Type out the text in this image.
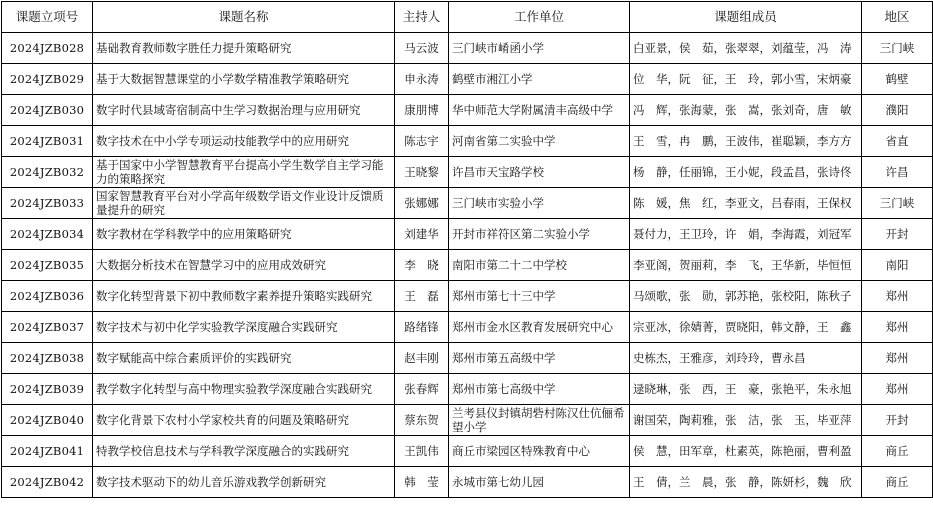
课题立项号	课题名称	主持人	工作单位	课题组成员	地区
2024JZB028	基础教育教师数字胜任力提升策略研究	马云波	三门峡市崤函小学	白亚景，侯　茹，张翠翠，刘蕴莹，冯　涛	三门峡
2024JZB029	基于大数据智慧课堂的小学数学精准教学策略研究	申永涛	鹤壁市湘江小学	位　华，阮　征，王　玲，郭小雪，宋炳豪	鹤壁
2024JZB030	数字时代县域寄宿制高中生学习数据治理与应用研究	康朋博	华中师范大学附属清丰高级中学	冯　辉，张海蒙，张　嵩，张刘奇，唐　敏	濮阳
2024JZB031	数字技术在中小学专项运动技能教学中的应用研究	陈志宇	河南省第二实验中学	王　雪，冉　鹏，王波伟，崔聪颖，李方方	省直
2024JZB032	基于国家中小学智慧教育平台提高小学生数学自主学习能力的策略探究	王晓黎	许昌市天宝路学校	杨　静，任丽锦，王小妮，段孟昌，张诗佟	许昌
2024JZB033	国家智慧教育平台对小学高年级数学语文作业设计反馈质量提升的研究	张娜娜	三门峡市实验小学	陈　媛，焦　红，李亚文，吕春雨，王保权	三门峡
2024JZB034	数字教材在学科教学中的应用策略研究	刘建华	开封市祥符区第二实验小学	聂付力，王卫玲，许　娟，李海霞，刘冠军	开封
2024JZB035	大数据分析技术在智慧学习中的应用成效研究	李　晓	南阳市第二十二中学校	李亚阁，贺丽莉，李　飞，王华新，毕恒恒	南阳
2024JZB036	数字化转型背景下初中教师数字素养提升策略实践研究	王　磊	郑州市第七十三中学	马颂歌，张　勋，郭苏艳，张校阳，陈秋子	郑州
2024JZB037	数字技术与初中化学实验教学深度融合实践研究	路绪锋	郑州市金水区教育发展研究中心	宗亚冰，徐婧菁，贾晓阳，韩文静，王　鑫	郑州
2024JZB038	数字赋能高中综合素质评价的实践研究	赵丰刚	郑州市第五高级中学	史栋杰，王雅彦，刘玲玲，曹永昌	郑州
2024JZB039	教学数字化转型与高中物理实验教学深度融合实践研究	张春辉	郑州市第七高级中学	逯晓琳，张　西，王　豪，张艳平，朱永旭	郑州
2024JZB040	数字化背景下农村小学家校共育的问题及策略研究	蔡东贺	兰考县仪封镇胡砦村陈汉仕伉俪希望小学	谢国荣，陶莉雅，张　洁，张　玉，毕亚萍	开封
2024JZB041	特教学校信息技术与学科教学深度融合的实践研究	王凯伟	商丘市梁园区特殊教育中心	侯　慧，田军章，杜素英，陈艳丽，曹利盈	商丘
2024JZB042	数字技术驱动下的幼儿音乐游戏教学创新研究	韩　莹	永城市第七幼儿园	王　倩，兰　晨，张　静，陈妍杉，魏　欣	商丘
